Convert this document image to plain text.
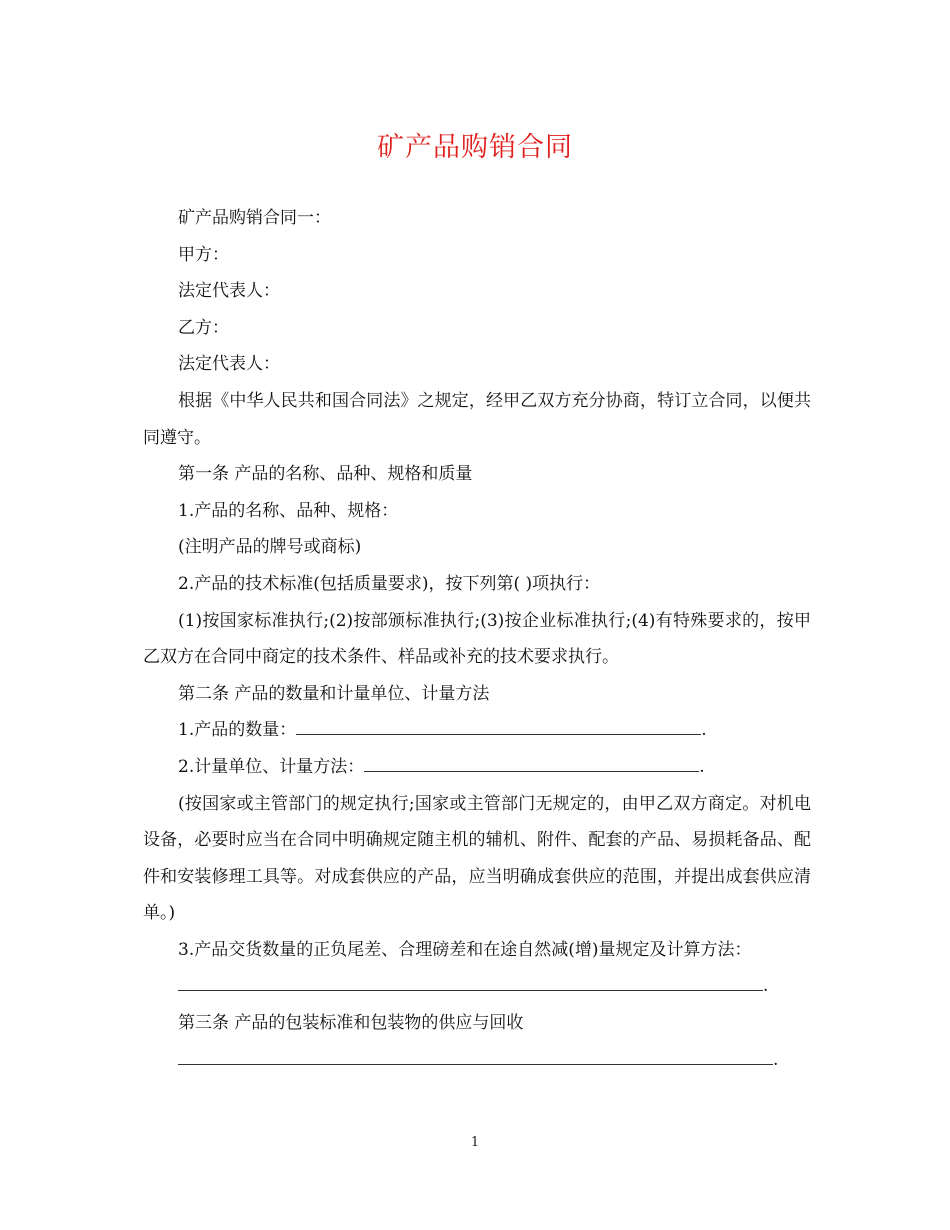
矿产品购销合同

矿产品购销合同一：

甲方：

法定代表人：

乙方：

法定代表人：

根据《中华人民共和国合同法》之规定，经甲乙双方充分协商，特订立合同，以便共同遵守。

第一条 产品的名称、品种、规格和质量

1.产品的名称、品种、规格：

(注明产品的牌号或商标)

2.产品的技术标准(包括质量要求)，按下列第( )项执行：

(1)按国家标准执行;(2)按部颁标准执行;(3)按企业标准执行;(4)有特殊要求的，按甲乙双方在合同中商定的技术条件、样品或补充的技术要求执行。

第二条 产品的数量和计量单位、计量方法

1.产品的数量：	.

2.计量单位、计量方法：	.

(按国家或主管部门的规定执行;国家或主管部门无规定的，由甲乙双方商定。对机电设备，必要时应当在合同中明确规定随主机的辅机、附件、配套的产品、易损耗备品、配件和安装修理工具等。对成套供应的产品，应当明确成套供应的范围，并提出成套供应清单。)

3.产品交货数量的正负尾差、合理磅差和在途自然减(增)量规定及计算方法：

.

第三条 产品的包装标准和包装物的供应与回收

.

1
